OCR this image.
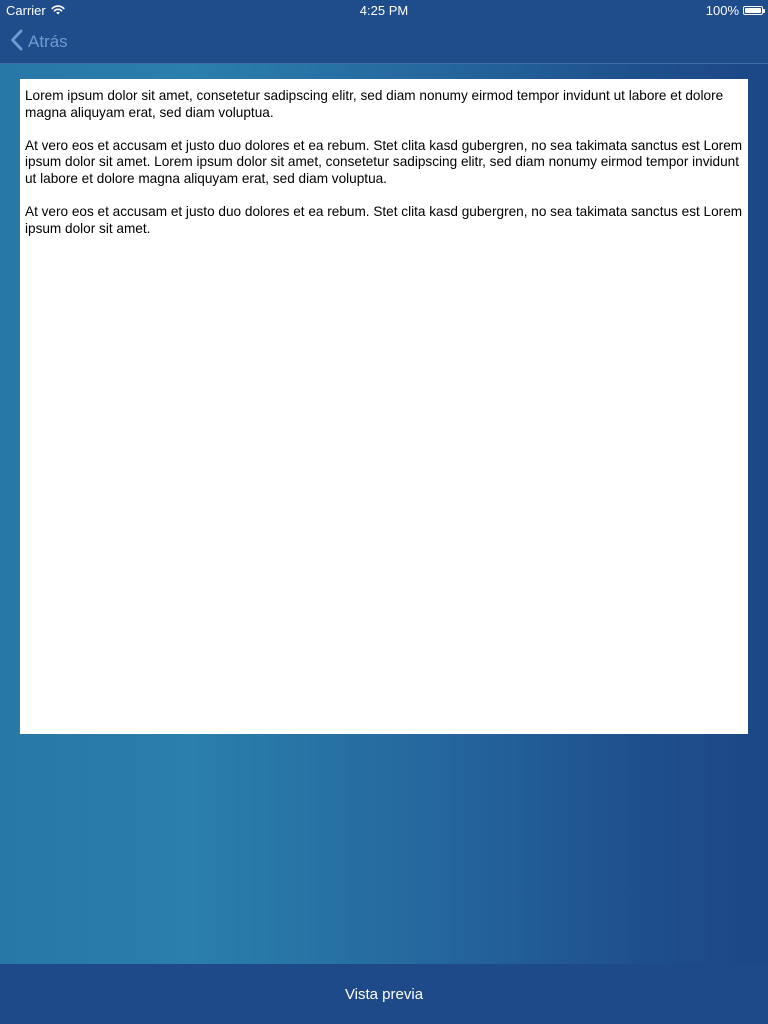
Carrier	4:25 PM	100%
Atrás

Lorem ipsum dolor sit amet, consetetur sadipscing elitr, sed diam nonumy eirmod tempor invidunt ut labore et dolore magna aliquyam erat, sed diam voluptua.

At vero eos et accusam et justo duo dolores et ea rebum. Stet clita kasd gubergren, no sea takimata sanctus est Lorem ipsum dolor sit amet. Lorem ipsum dolor sit amet, consetetur sadipscing elitr, sed diam nonumy eirmod tempor invidunt ut labore et dolore magna aliquyam erat, sed diam voluptua.

At vero eos et accusam et justo duo dolores et ea rebum. Stet clita kasd gubergren, no sea takimata sanctus est Lorem ipsum dolor sit amet.

Vista previa
